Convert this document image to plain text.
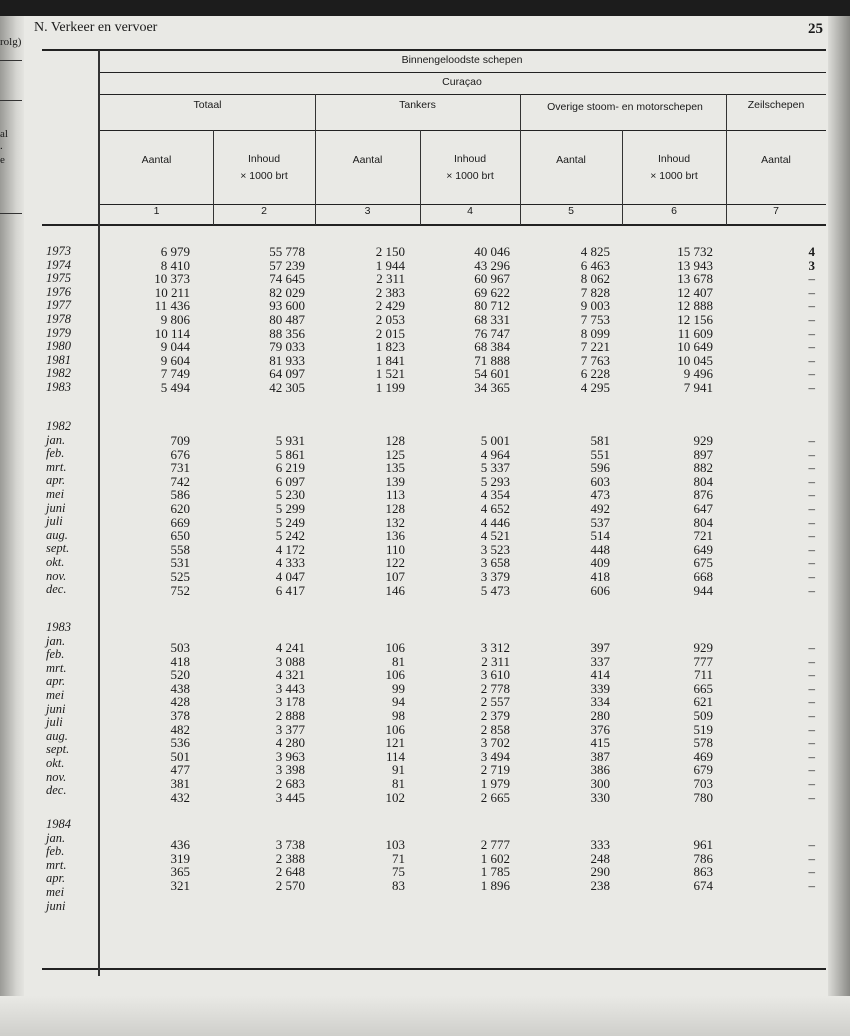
rolg)
al
.
e
N. Verkeer en vervoer	25
Binnengeloodste schepen
Curaçao
Totaal	Tankers	Overige stoom- en motorschepen	Zeilschepen
Aantal
1
Inhoud
× 1000 brt
2
Aantal
3
Inhoud
× 1000 brt
4
Aantal
5
Inhoud
× 1000 brt
6
Aantal
7
1973	6 979	55 778	2 150	40 046	4 825	15 732	4
1974	8 410	57 239	1 944	43 296	6 463	13 943	3
1975	10 373	74 645	2 311	60 967	8 062	13 678	–
1976	10 211	82 029	2 383	69 622	7 828	12 407	–
1977	11 436	93 600	2 429	80 712	9 003	12 888	–
1978	9 806	80 487	2 053	68 331	7 753	12 156	–
1979	10 114	88 356	2 015	76 747	8 099	11 609	–
1980	9 044	79 033	1 823	68 384	7 221	10 649	–
1981	9 604	81 933	1 841	71 888	7 763	10 045	–
1982	7 749	64 097	1 521	54 601	6 228	9 496	–
1983	5 494	42 305	1 199	34 365	4 295	7 941	–
1982
jan.	709	5 931	128	5 001	581	929	–
feb.	676	5 861	125	4 964	551	897	–
mrt.	731	6 219	135	5 337	596	882	–
apr.	742	6 097	139	5 293	603	804	–
mei	586	5 230	113	4 354	473	876	–
juni	620	5 299	128	4 652	492	647	–
juli	669	5 249	132	4 446	537	804	–
aug.	650	5 242	136	4 521	514	721	–
sept.	558	4 172	110	3 523	448	649	–
okt.	531	4 333	122	3 658	409	675	–
nov.	525	4 047	107	3 379	418	668	–
dec.	752	6 417	146	5 473	606	944	–
1983
jan.	503	4 241	106	3 312	397	929	–
feb.	418	3 088	81	2 311	337	777	–
mrt.	520	4 321	106	3 610	414	711	–
apr.	438	3 443	99	2 778	339	665	–
mei	428	3 178	94	2 557	334	621	–
juni	378	2 888	98	2 379	280	509	–
juli	482	3 377	106	2 858	376	519	–
aug.	536	4 280	121	3 702	415	578	–
sept.	501	3 963	114	3 494	387	469	–
okt.	477	3 398	91	2 719	386	679	–
nov.	381	2 683	81	1 979	300	703	–
dec.	432	3 445	102	2 665	330	780	–
1984
jan.	436	3 738	103	2 777	333	961	–
feb.	319	2 388	71	1 602	248	786	–
mrt.	365	2 648	75	1 785	290	863	–
apr.	321	2 570	83	1 896	238	674	–
mei
juni
